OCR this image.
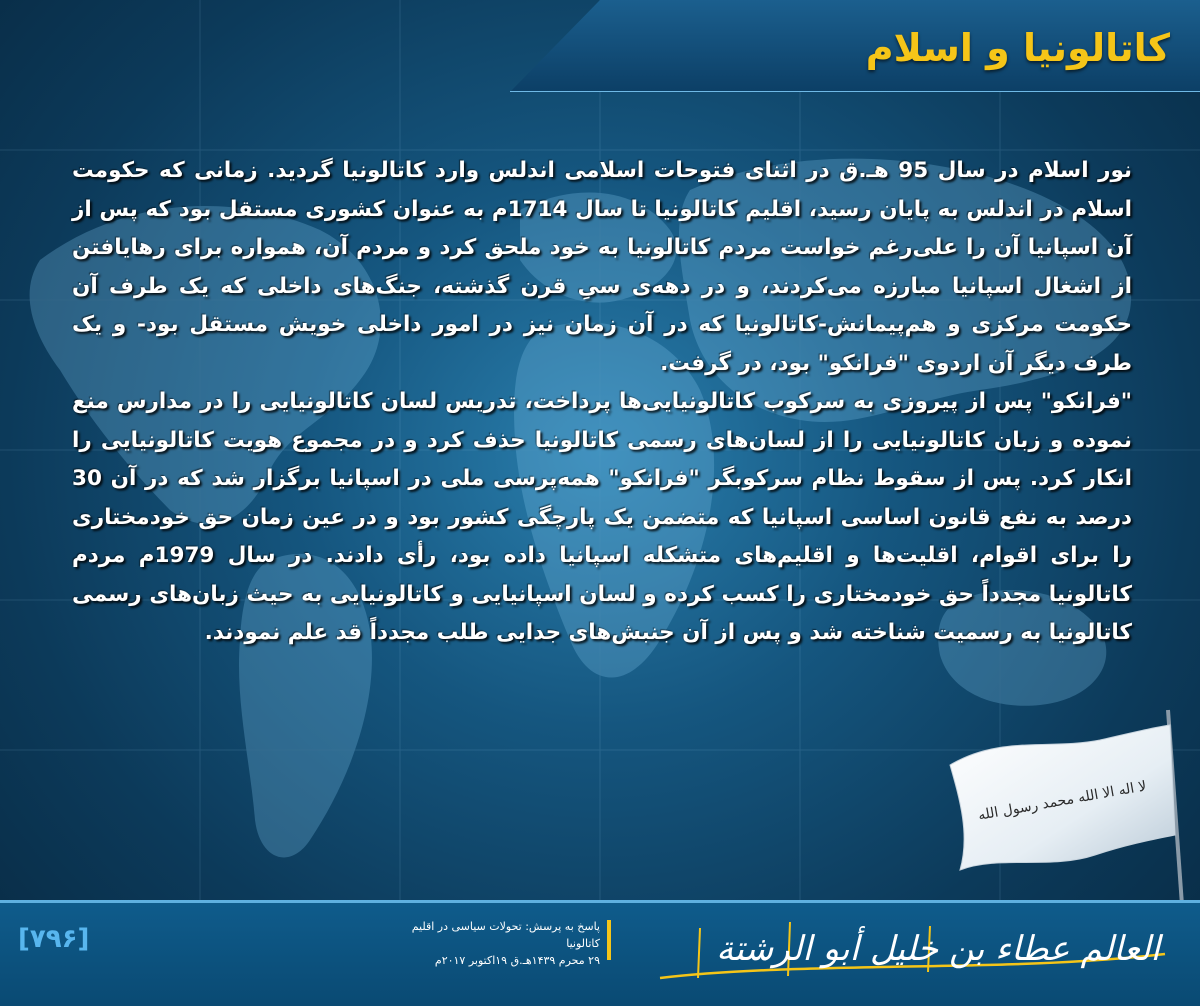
کاتالونیا و اسلام

نور اسلام در سال 95 هـ.ق در اثنای فتوحات اسلامی اندلس وارد کاتالونیا گردید. زمانی که حکومت اسلام در اندلس به پایان رسید، اقلیم کاتالونیا تا سال 1714م به عنوان کشوری مستقل بود که پس از آن اسپانیا آن را علی‌رغم خواست مردم کاتالونیا به خود ملحق کرد و مردم آن، همواره برای رهایافتن از اشغال اسپانیا مبارزه می‌کردند، و در دهه‌ی سیِ قرن گذشته، جنگ‌های داخلی که یک طرف آن حکومت مرکزی و هم‌پیمانش-کاتالونیا که در آن زمان نیز در امور داخلی خویش مستقل بود- و یک طرف دیگر آن اردوی "فرانکو" بود، در گرفت.

"فرانکو" پس از پیروزی به سرکوب کاتالونیایی‌ها پرداخت، تدریس لسان کاتالونیایی را در مدارس منع نموده و زبان کاتالونیایی را از لسان‌های رسمی کاتالونیا حذف کرد و در مجموع هویت کاتالونیایی را انکار کرد. پس از سقوط نظام سرکوبگر "فرانکو" همه‌پرسی ملی در اسپانیا برگزار شد که در آن 30 درصد به نفع قانون اساسی اسپانیا که متضمن یک پارچگی کشور بود و در عین زمان حق خودمختاری را برای اقوام، اقلیت‌ها و اقلیم‌های متشکله اسپانیا داده بود، رأی دادند. در سال 1979م مردم کاتالونیا مجدداً حق خودمختاری را کسب کرده و لسان اسپانیایی و کاتالونیایی به حیث زبان‌های رسمی کاتالونیا به رسمیت شناخته شد و پس از آن جنبش‌های جدایی طلب مجدداً قد علم نمودند.

لا اله الا الله محمد رسول الله
[۷۹۶]	پاسخ به پرسش: تحولات سیاسی در اقلیم کاتالونیا
۲۹ محرم ۱۴۳۹هـ.ق ۱۹اکتوبر ۲۰۱۷م	العالم عطاء بن خليل أبو الرشتة
